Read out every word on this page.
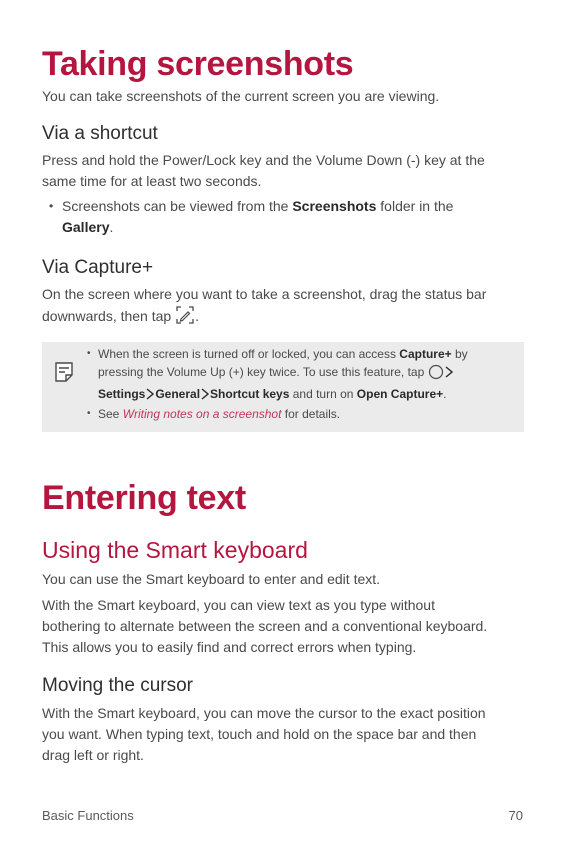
Taking screenshots

You can take screenshots of the current screen you are viewing.

Via a shortcut

Press and hold the Power/Lock key and the Volume Down (-) key at the

same time for at least two seconds.

• Screenshots can be viewed from the Screenshots folder in the
Gallery.

Via Capture+

On the screen where you want to take a screenshot, drag the status bar

downwards, then tap .

• When the screen is turned off or locked, you can access Capture+ by
pressing the Volume Up (+) key twice. To use this feature, tap
Settings General Shortcut keys and turn on Open Capture+.

• See Writing notes on a screenshot for details.

Entering text
Using the Smart keyboard

You can use the Smart keyboard to enter and edit text.

With the Smart keyboard, you can view text as you type without

bothering to alternate between the screen and a conventional keyboard.

This allows you to easily find and correct errors when typing.

Moving the cursor

With the Smart keyboard, you can move the cursor to the exact position

you want. When typing text, touch and hold on the space bar and then

drag left or right.

Basic Functions	70
